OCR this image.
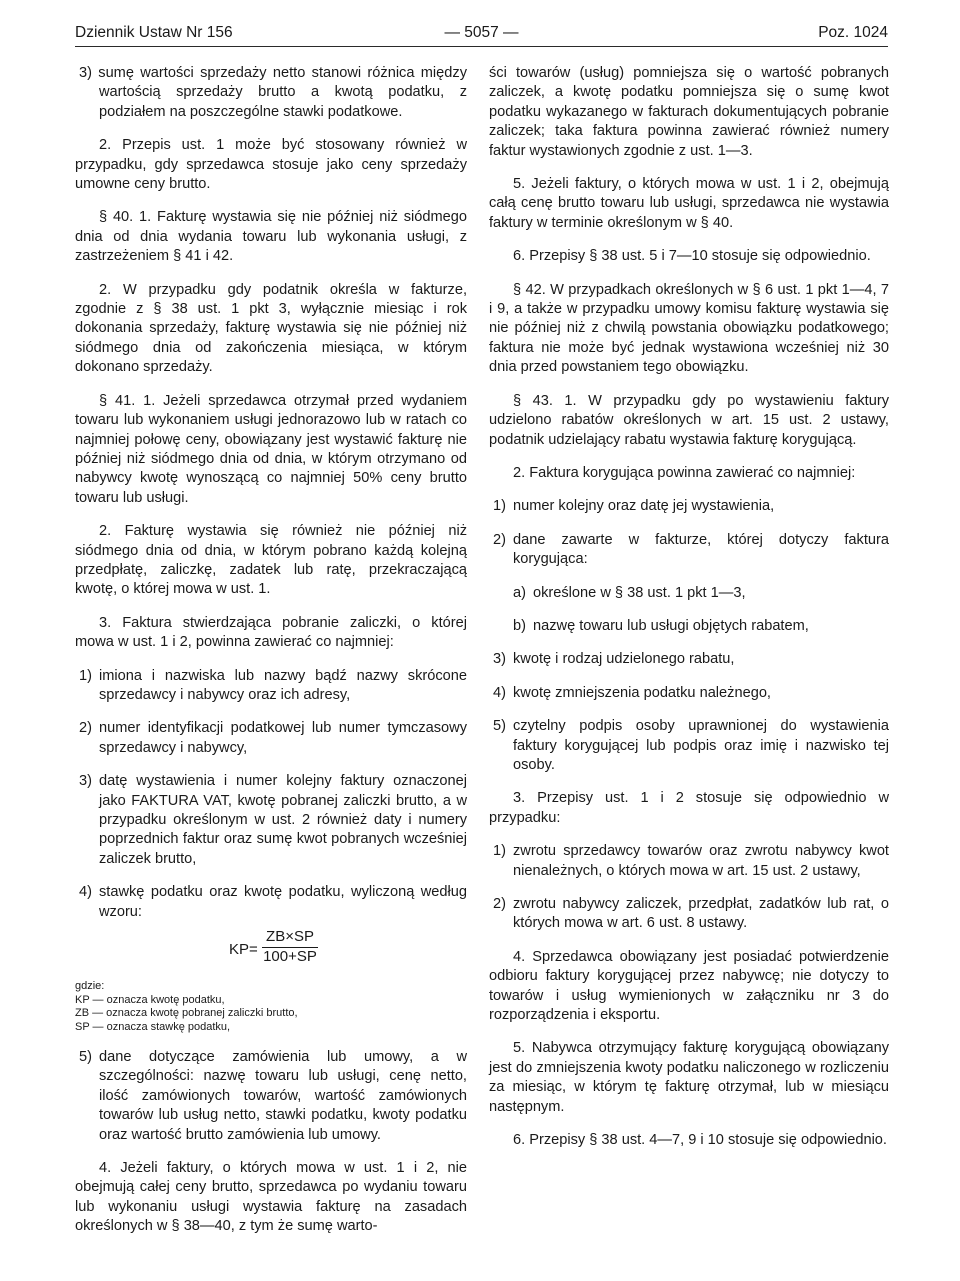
Dziennik Ustaw Nr 156	— 5057 —	Poz. 1024

3) sumę wartości sprzedaży netto stanowi różnica między wartością sprzedaży brutto a kwotą podatku, z podziałem na poszczególne stawki podatkowe.

2. Przepis ust. 1 może być stosowany również w przypadku, gdy sprzedawca stosuje jako ceny sprzedaży umowne ceny brutto.

§ 40. 1. Fakturę wystawia się nie później niż siódmego dnia od dnia wydania towaru lub wykonania usługi, z zastrzeżeniem § 41 i 42.

2. W przypadku gdy podatnik określa w fakturze, zgodnie z § 38 ust. 1 pkt 3, wyłącznie miesiąc i rok dokonania sprzedaży, fakturę wystawia się nie później niż siódmego dnia od zakończenia miesiąca, w którym dokonano sprzedaży.

§ 41. 1. Jeżeli sprzedawca otrzymał przed wydaniem towaru lub wykonaniem usługi jednorazowo lub w ratach co najmniej połowę ceny, obowiązany jest wystawić fakturę nie później niż siódmego dnia od dnia, w którym otrzymano od nabywcy kwotę wynoszącą co najmniej 50% ceny brutto towaru lub usługi.

2. Fakturę wystawia się również nie później niż siódmego dnia od dnia, w którym pobrano każdą kolejną przedpłatę, zaliczkę, zadatek lub ratę, przekraczającą kwotę, o której mowa w ust. 1.

3. Faktura stwierdzająca pobranie zaliczki, o której mowa w ust. 1 i 2, powinna zawierać co najmniej:

1) imiona i nazwiska lub nazwy bądź nazwy skrócone sprzedawcy i nabywcy oraz ich adresy,
2) numer identyfikacji podatkowej lub numer tymczasowy sprzedawcy i nabywcy,
3) datę wystawienia i numer kolejny faktury oznaczonej jako FAKTURA VAT, kwotę pobranej zaliczki brutto, a w przypadku określonym w ust. 2 również daty i numery poprzednich faktur oraz sumę kwot pobranych wcześniej zaliczek brutto,
4) stawkę podatku oraz kwotę podatku, wyliczoną według wzoru:
$KP= \frac{ZB\times SP}{100+SP}$
gdzie:
KP — oznacza kwotę podatku,
ZB — oznacza kwotę pobranej zaliczki brutto,
SP — oznacza stawkę podatku,
5) dane dotyczące zamówienia lub umowy, a w szczególności: nazwę towaru lub usługi, cenę netto, ilość zamówionych towarów, wartość zamówionych towarów lub usług netto, stawki podatku, kwoty podatku oraz wartość brutto zamówienia lub umowy.

4. Jeżeli faktury, o których mowa w ust. 1 i 2, nie obejmują całej ceny brutto, sprzedawca po wydaniu towaru lub wykonaniu usługi wystawia fakturę na zasadach określonych w § 38—40, z tym że sumę warto-

ści towarów (usług) pomniejsza się o wartość pobranych zaliczek, a kwotę podatku pomniejsza się o sumę kwot podatku wykazanego w fakturach dokumentujących pobranie zaliczek; taka faktura powinna zawierać również numery faktur wystawionych zgodnie z ust. 1—3.

5. Jeżeli faktury, o których mowa w ust. 1 i 2, obejmują całą cenę brutto towaru lub usługi, sprzedawca nie wystawia faktury w terminie określonym w § 40.

6. Przepisy § 38 ust. 5 i 7—10 stosuje się odpowiednio.

§ 42. W przypadkach określonych w § 6 ust. 1 pkt 1—4, 7 i 9, a także w przypadku umowy komisu fakturę wystawia się nie później niż z chwilą powstania obowiązku podatkowego; faktura nie może być jednak wystawiona wcześniej niż 30 dnia przed powstaniem tego obowiązku.

§ 43. 1. W przypadku gdy po wystawieniu faktury udzielono rabatów określonych w art. 15 ust. 2 ustawy, podatnik udzielający rabatu wystawia fakturę korygującą.

2. Faktura korygująca powinna zawierać co najmniej:

1) numer kolejny oraz datę jej wystawienia,
2) dane zawarte w fakturze, której dotyczy faktura korygująca:
a) określone w § 38 ust. 1 pkt 1—3,
b) nazwę towaru lub usługi objętych rabatem,
3) kwotę i rodzaj udzielonego rabatu,
4) kwotę zmniejszenia podatku należnego,
5) czytelny podpis osoby uprawnionej do wystawienia faktury korygującej lub podpis oraz imię i nazwisko tej osoby.

3. Przepisy ust. 1 i 2 stosuje się odpowiednio w przypadku:

1) zwrotu sprzedawcy towarów oraz zwrotu nabywcy kwot nienależnych, o których mowa w art. 15 ust. 2 ustawy,
2) zwrotu nabywcy zaliczek, przedpłat, zadatków lub rat, o których mowa w art. 6 ust. 8 ustawy.

4. Sprzedawca obowiązany jest posiadać potwierdzenie odbioru faktury korygującej przez nabywcę; nie dotyczy to towarów i usług wymienionych w załączniku nr 3 do rozporządzenia i eksportu.

5. Nabywca otrzymujący fakturę korygującą obowiązany jest do zmniejszenia kwoty podatku naliczonego w rozliczeniu za miesiąc, w którym tę fakturę otrzymał, lub w miesiącu następnym.

6. Przepisy § 38 ust. 4—7, 9 i 10 stosuje się odpowiednio.
